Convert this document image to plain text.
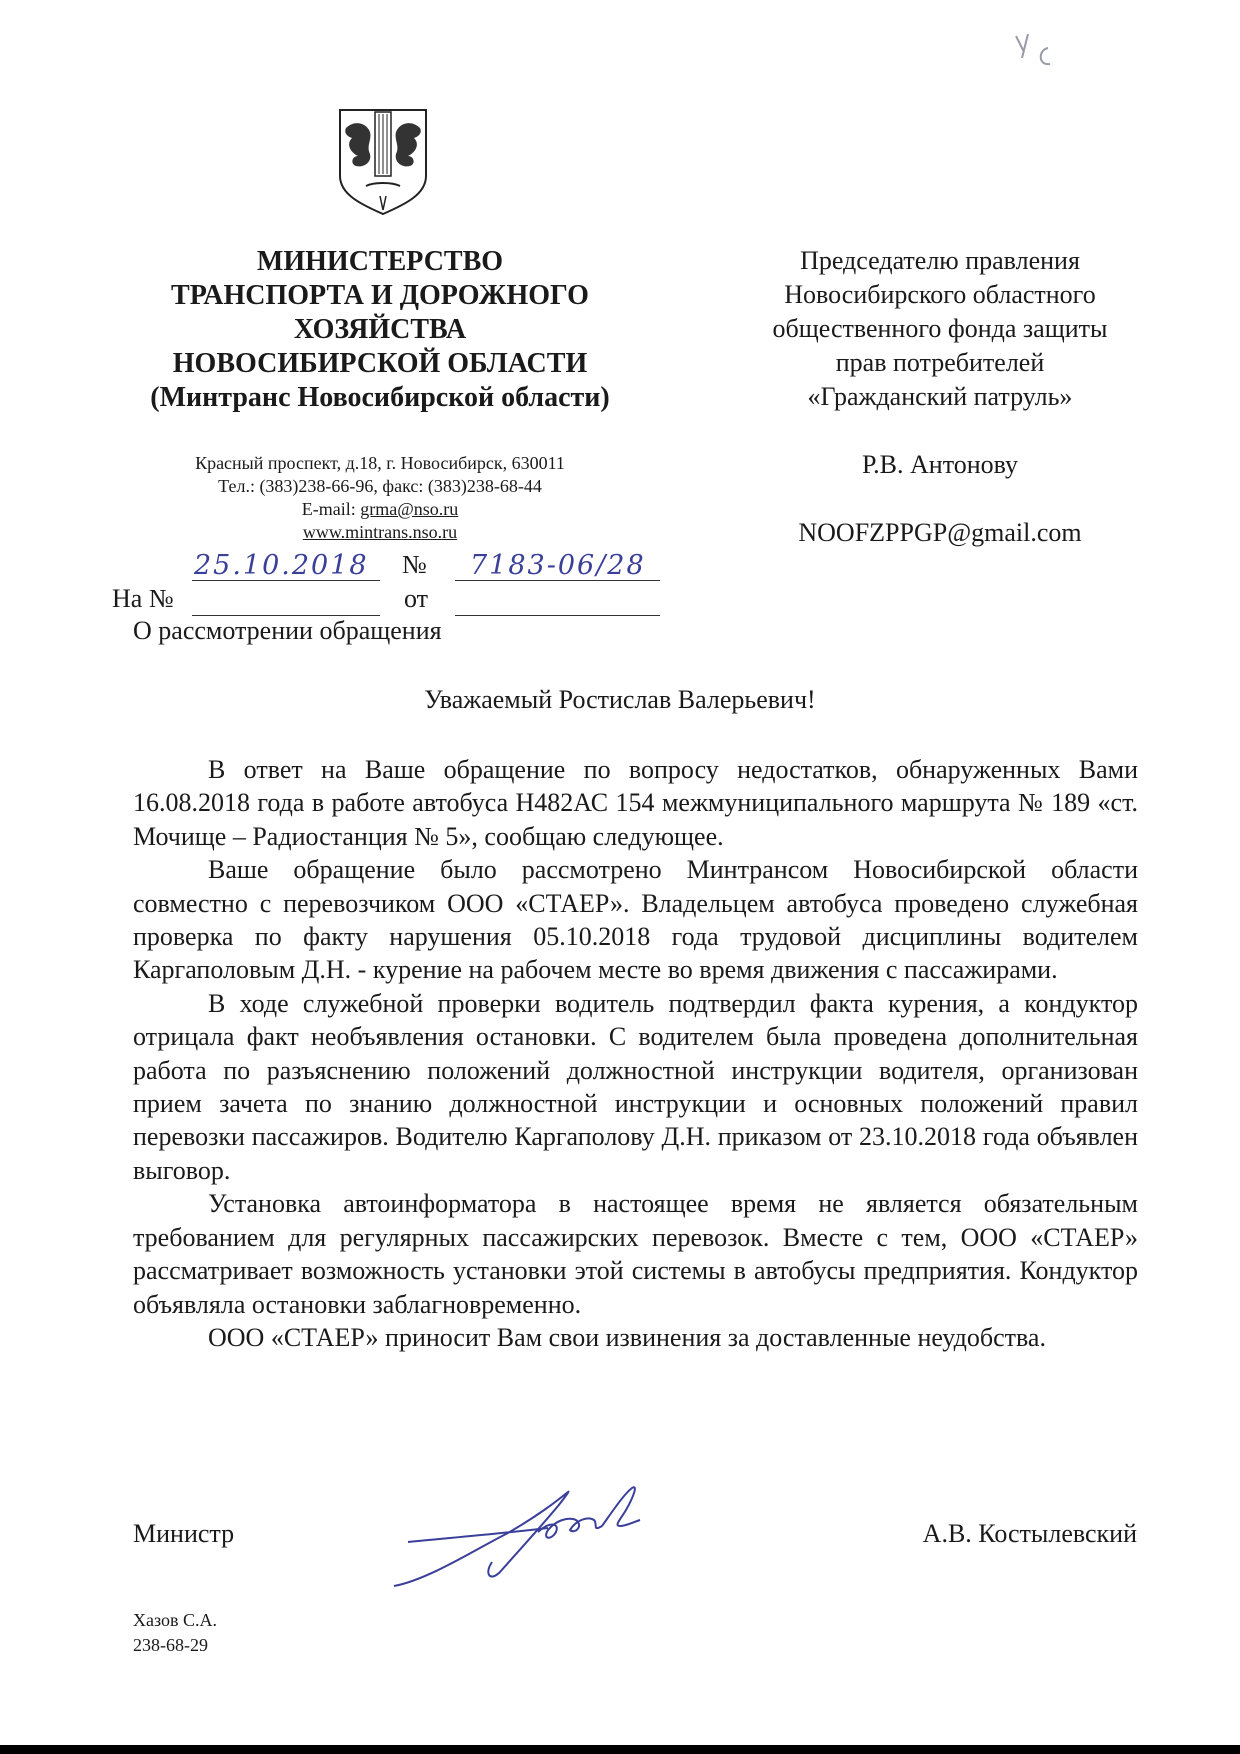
МИНИСТЕРСТВО
ТРАНСПОРТА И ДОРОЖНОГО
ХОЗЯЙСТВА
НОВОСИБИРСКОЙ ОБЛАСТИ
(Минтранс Новосибирской области)
Красный проспект, д.18, г. Новосибирск, 630011
Тел.: (383)238-66-96, факс: (383)238-68-44
E-mail: grma@nso.ru
www.mintrans.nso.ru
Председателю правления
Новосибирского областного
общественного фонда защиты
прав потребителей
«Гражданский патруль»
Р.В. Антонову
NOOFZPPGP@gmail.com
25.10.2018 № 7183-06/28
На №	от
О рассмотрении обращения
Уважаемый Ростислав Валерьевич!

В ответ на Ваше обращение по вопросу недостатков, обнаруженных Вами 16.08.2018 года в работе автобуса Н482АС 154 межмуниципального маршрута № 189 «ст. Мочище – Радиостанция № 5», сообщаю следующее.

Ваше обращение было рассмотрено Минтрансом Новосибирской области совместно с перевозчиком ООО «СТАЕР». Владельцем автобуса проведено служебная проверка по факту нарушения 05.10.2018 года трудовой дисциплины водителем Каргаполовым Д.Н. - курение на рабочем месте во время движения с пассажирами.

В ходе служебной проверки водитель подтвердил факта курения, а кондуктор отрицала факт необъявления остановки. С водителем была проведена дополнительная работа по разъяснению положений должностной инструкции водителя, организован прием зачета по знанию должностной инструкции и основных положений правил перевозки пассажиров. Водителю Каргаполову Д.Н. приказом от 23.10.2018 года объявлен выговор.

Установка автоинформатора в настоящее время не является обязательным требованием для регулярных пассажирских перевозок. Вместе с тем, ООО «СТАЕР» рассматривает возможность установки этой системы в автобусы предприятия. Кондуктор объявляла остановки заблагновременно.

ООО «СТАЕР» приносит Вам свои извинения за доставленные неудобства.

Министр	А.В. Костылевский
Хазов С.А.
238-68-29
